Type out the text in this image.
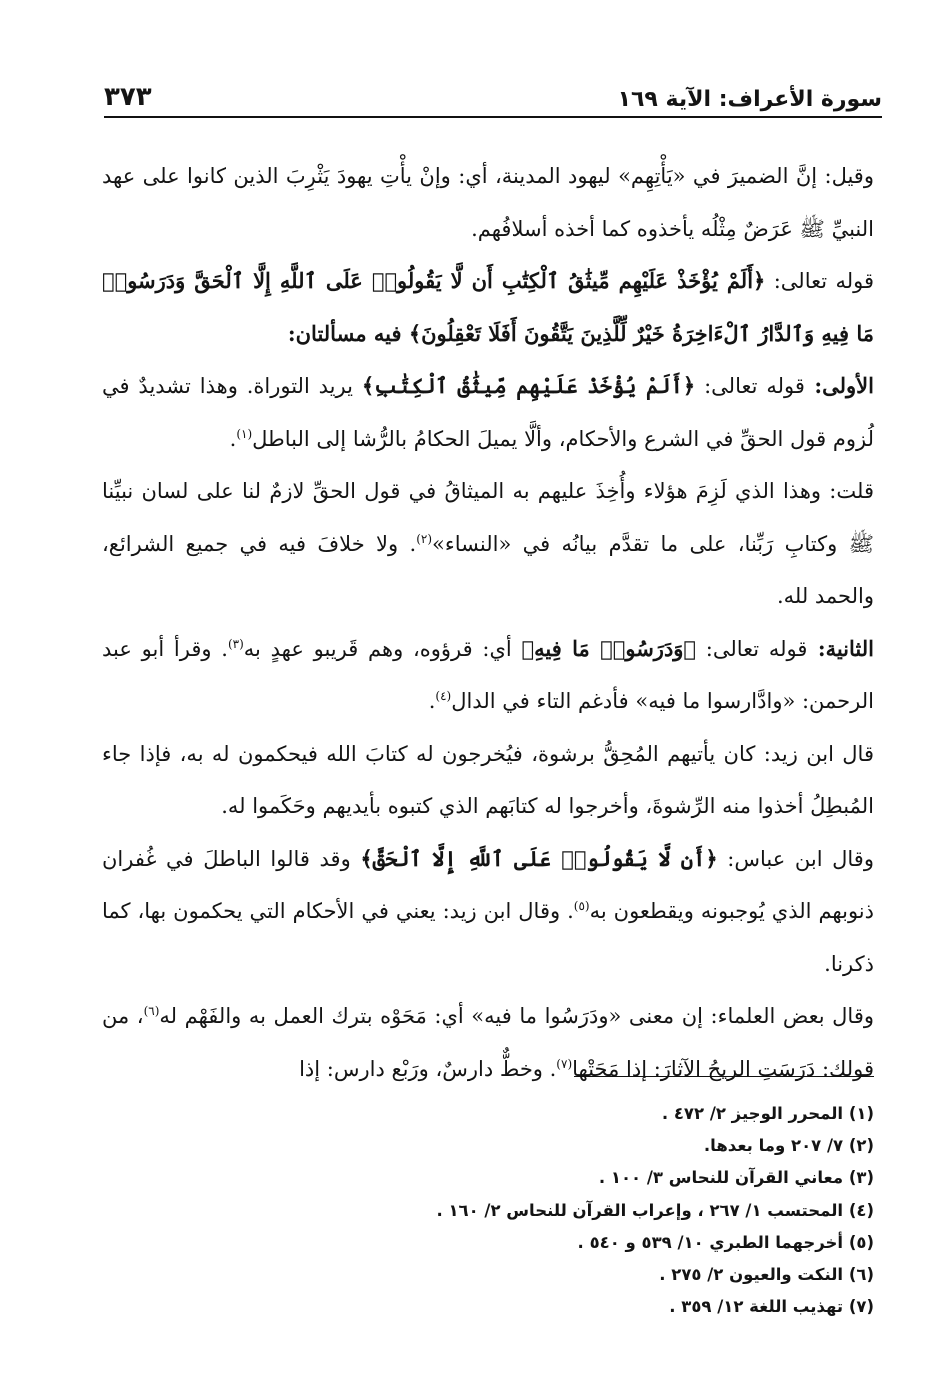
سورة الأعراف: الآية ١٦٩
٣٧٣

وقيل: إنَّ الضميرَ في «يَأْتِهِم» ليهود المدينة، أي: وإنْ يأْتِ يهودَ يَثْرِبَ الذين كانوا على عهد النبيِّ ﷺ عَرَضٌ مِثْلُه يأخذوه كما أخذه أسلافُهم.

قوله تعالى: ﴿أَلَمْ يُؤْخَذْ عَلَيْهِم مِّيثَٰقُ ٱلْكِتَٰبِ أَن لَّا يَقُولُوا۟ عَلَى ٱللَّهِ إِلَّا ٱلْحَقَّ وَدَرَسُوا۟ مَا فِيهِ وَٱلدَّارُ ٱلْءَاخِرَةُ خَيْرٌ لِّلَّذِينَ يَتَّقُونَ أَفَلَا تَعْقِلُونَ﴾ فيه مسألتان:

الأولى: قوله تعالى: ﴿أَلَمْ يُؤْخَذْ عَلَيْهِم مِّيثَٰقُ ٱلْكِتَٰبِ﴾ يريد التوراة. وهذا تشديدٌ في لُزوم قول الحقِّ في الشرع والأحكام، وألَّا يميلَ الحكامُ بالرُّشا إلى الباطل$^{(١)}$.

قلت: وهذا الذي لَزِمَ هؤلاء وأُخِذَ عليهم به الميثاقُ في قول الحقِّ لازمٌ لنا على لسان نبيِّنا ﷺ وكتابِ رَبِّنا، على ما تقدَّم بيانُه في «النساء»$^{(٢)}$. ولا خلافَ فيه في جميع الشرائع، والحمد لله.

الثانية: قوله تعالى: ﴿وَدَرَسُوا۟ مَا فِيهِ﴾ أي: قرؤوه، وهم قَريبو عهدٍ به$^{(٣)}$. وقرأ أبو عبد الرحمن: «وادَّارسوا ما فيه» فأدغم التاء في الدال$^{(٤)}$.

قال ابن زيد: كان يأتيهم المُحِقُّ برشوة، فيُخرجون له كتابَ الله فيحكمون له به، فإذا جاء المُبطِلُ أخذوا منه الرِّشوةَ، وأخرجوا له كتابَهم الذي كتبوه بأيديهم وحَكَموا له.

وقال ابن عباس: ﴿أَن لَّا يَقُولُوا۟ عَلَى ٱللَّهِ إِلَّا ٱلْحَقَّ﴾ وقد قالوا الباطلَ في غُفران ذنوبهم الذي يُوجبونه ويقطعون به$^{(٥)}$. وقال ابن زيد: يعني في الأحكام التي يحكمون بها، كما ذكرنا.

وقال بعض العلماء: إن معنى «ودَرَسُوا ما فيه» أي: مَحَوْه بترك العمل به والفَهْم له$^{(٦)}$، من قولك: دَرَسَتِ الريحُ الآثارَ: إذا مَحَتْها$^{(٧)}$. وخطٌّ دارسٌ، ورَبْع دارس: إذا

(١) المحرر الوجيز ٢/ ٤٧٢ .

(٢) ٧/ ٢٠٧ وما بعدها.

(٣) معاني القرآن للنحاس ٣/ ١٠٠ .

(٤) المحتسب ١/ ٢٦٧ ، وإعراب القرآن للنحاس ٢/ ١٦٠ .

(٥) أخرجهما الطبري ١٠/ ٥٣٩ و ٥٤٠ .

(٦) النكت والعيون ٢/ ٢٧٥ .

(٧) تهذيب اللغة ١٢/ ٣٥٩ .
